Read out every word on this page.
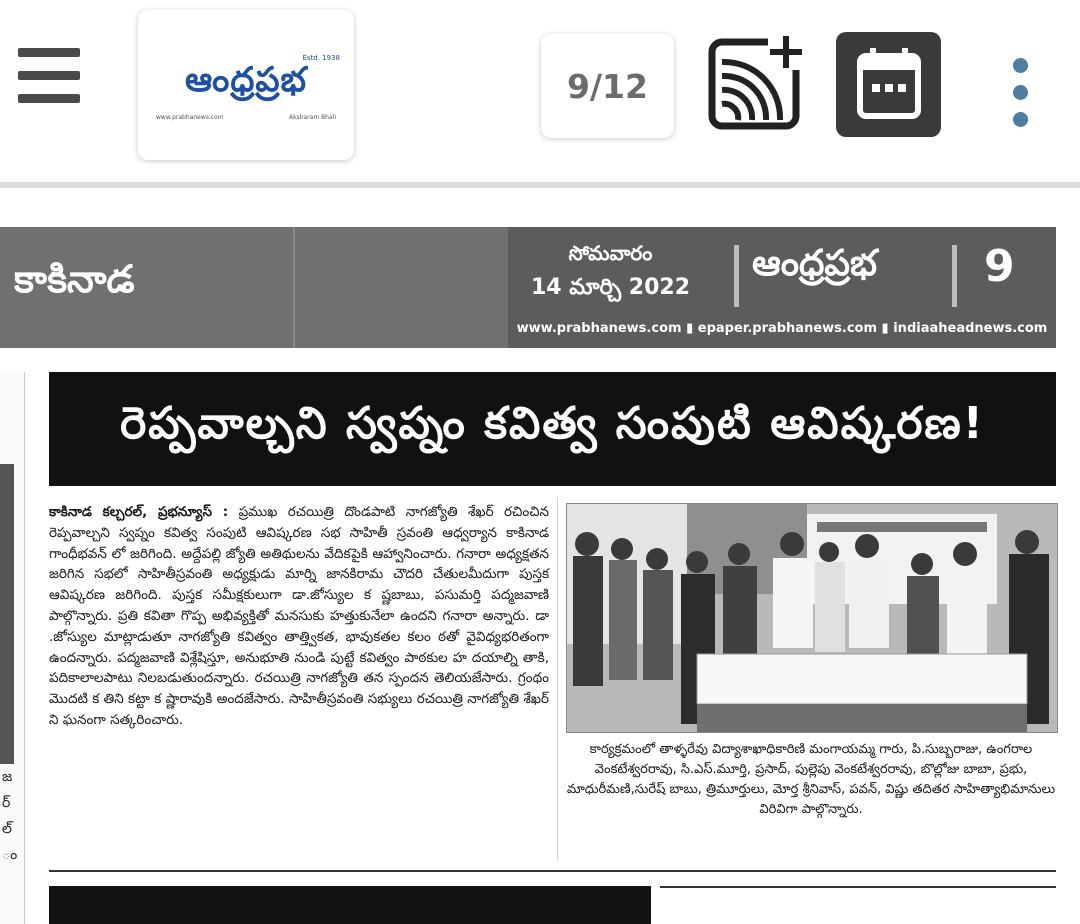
Estd. 1938
ఆంధ్రప్రభ
www.prabhanews.com	Aksharam Bhali
9/12
కాకినాడ
సోమవారం
14 మార్చి 2022
ఆంధ్రప్రభ 9
www.prabhanews.com ▮ epaper.prabhanews.com ▮ indiaaheadnews.com
జ
ర్
ల్
ం
రెప్పవాల్చని స్వప్నం కవిత్వ సంపుటి ఆవిష్కరణ!
కాకినాడ కల్చరల్, ప్రభన్యూస్ : ప్రముఖ రచయిత్రి దొండపాటి నాగజ్యోతి శేఖర్ రచించిన రెప్పవాల్చని స్వప్నం కవిత్వ సంపుటి ఆవిష్కరణ సభ సాహితీ స్రవంతి ఆధ్వర్యాన కాకినాడ గాంధీభవన్ లో జరిగింది. అద్దేపల్లి జ్యోతి అతిథులను వేదికపైకి ఆహ్వానించారు. గనారా అధ్యక్షతన జరిగిన సభలో సాహితీస్రవంతి అధ్యక్షుడు మార్ని జానకిరామ చౌదరి చేతులమీదుగా పుస్తక ఆవిష్కరణ జరిగింది. పుస్తక సమీక్షకులుగా డా.జోస్యుల క ష్ణబాబు, పసుమర్తి పద్మజవాణి పాల్గొన్నారు. ప్రతి కవితా గొప్ప అభివ్యక్తితో మనసుకు హత్తుకునేలా ఉందని గనారా అన్నారు. డా .జోస్యుల మాట్లాడుతూ నాగజ్యోతి కవిత్వం తాత్త్వికత, భావుకతల కలం ఠతో వైవిధ్యభరితంగా ఉందన్నారు. పద్మజవాణి విశ్లేషిస్తూ, అనుభూతి నుండి పుట్టే కవిత్వం పాఠకుల హ దయాల్ని తాకి, పదికాలాలపాటు నిలబడుతుందన్నారు. రచయిత్రి నాగజ్యోతి తన స్పందన తెలియజేసారు. గ్రంథం మొదటి క తిని కట్టా క ష్ణారావుకి అందజేసారు. సాహితీస్రవంతి సభ్యులు రచయిత్రి నాగజ్యోతి శేఖర్ ని ఘనంగా సత్కరించారు.
కార్యక్రమంలో తాళ్ళరేవు విద్యాశాఖాధికారిణి మంగాయమ్మ గారు, పి.సుబ్బరాజు, ఉంగరాల వెంకటేశ్వరరావు, సి.ఎస్.మూర్తి, ప్రసాద్, పుల్లెపు వెంకటేశ్వరరావు, బొల్లోజు బాబా, ప్రభు, మాధురీమణి,సురేష్ బాబు, త్రిమూర్తులు, మోర్త శ్రీనివాస్, పవన్, విష్ణు తదితర సాహిత్యాభిమానులు విరివిగా పాల్గొన్నారు.
